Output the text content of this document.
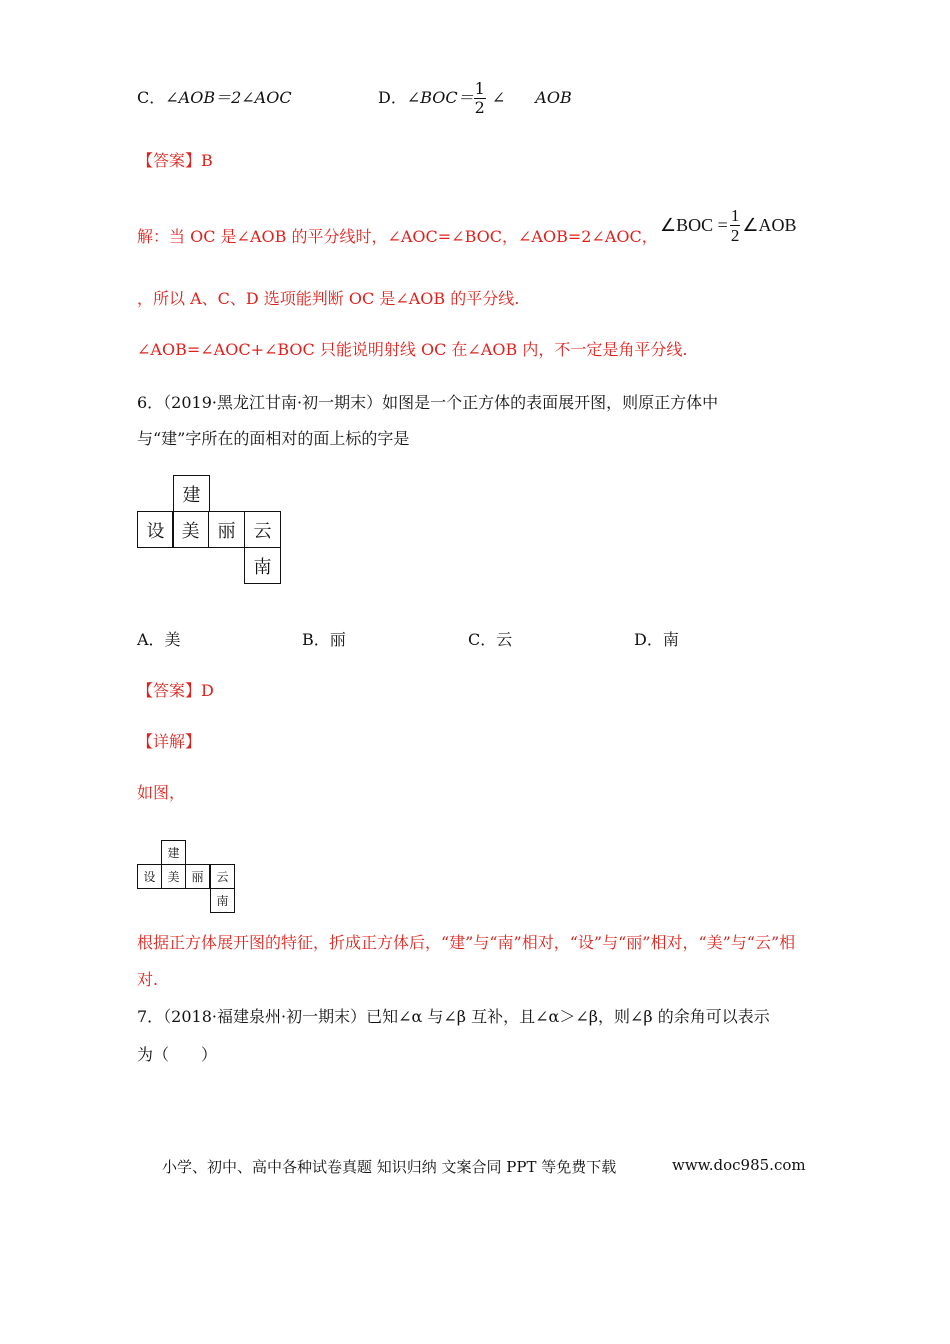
C．∠AOB＝2∠AOC	D． ∠BOC＝ $\frac{1}{2}$ ∠ AOB
【答案】B
解：当 OC 是∠AOB 的平分线时，∠AOC=∠BOC，∠AOB=2∠AOC，
∠BOC = $\frac{1}{2}$ ∠AOB
，所以 A、C、D 选项能判断 OC 是∠AOB 的平分线.
∠AOB=∠AOC+∠BOC 只能说明射线 OC 在∠AOB 内，不一定是角平分线.
6．（2019·黑龙江甘南·初一期末）如图是一个正方体的表面展开图，则原正方体中
与“建”字所在的面相对的面上标的字是
建
设 美	丽	云
南
A．美	B．丽	C．云	D．南
【答案】D
【详解】
如图，
建
设 美 丽	云
南
根据正方体展开图的特征，折成正方体后，“建”与“南”相对，“设”与“丽”相对，“美”与“云”相
对.
7．（2018·福建泉州·初一期末）已知∠α 与∠β 互补，且∠α＞∠β，则∠β 的余角可以表示
为（　　）
小学、初中、高中各种试卷真题 知识归纳 文案合同 PPT 等免费下载	www.doc985.com
